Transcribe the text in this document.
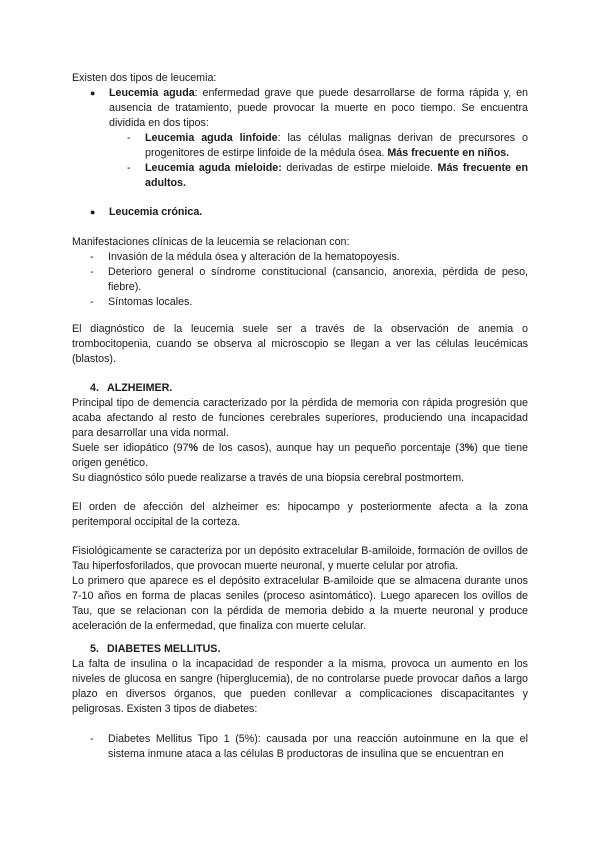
Existen dos tipos de leucemia:

● Leucemia aguda: enfermedad grave que puede desarrollarse de forma rápida y, en ausencia de tratamiento, puede provocar la muerte en poco tiempo. Se encuentra dividida en dos tipos:
- Leucemia aguda linfoide: las células malignas derivan de precursores o progenitores de estirpe linfoide de la médula ósea. Más frecuente en niños.
- Leucemia aguda mieloide: derivadas de estirpe mieloide. Más frecuente en adultos.
● Leucemia crónica.

Manifestaciones clínicas de la leucemia se relacionan con:

- Invasión de la médula ósea y alteración de la hematopoyesis.
- Deterioro general o síndrome constitucional (cansancio, anorexia, pérdida de peso, fiebre).
- Síntomas locales.

El diagnóstico de la leucemia suele ser a través de la observación de anemia o trombocitopenia, cuando se observa al microscopio se llegan a ver las células leucémicas (blastos).

4. ALZHEIMER.

Principal tipo de demencia caracterizado por la pérdida de memoria con rápida progresión que acaba afectando al resto de funciones cerebrales superiores, produciendo una incapacidad para desarrollar una vida normal.

Suele ser idiopático (97% de los casos), aunque hay un pequeño porcentaje (3%) que tiene origen genético.

Su diagnóstico sólo puede realizarse a través de una biopsia cerebral postmortem.

El orden de afección del alzheimer es: hipocampo y posteriormente afecta a la zona peritemporal occipital de la corteza.

Fisiológicamente se caracteriza por un depósito extracelular B-amiloide, formación de ovillos de Tau hiperfosforilados, que provocan muerte neuronal, y muerte celular por atrofia.

Lo primero que aparece es el depósito extracelular B-amiloide que se almacena durante unos 7-10 años en forma de placas seniles (proceso asintomático). Luego aparecen los ovillos de Tau, que se relacionan con la pérdida de memoria debido a la muerte neuronal y produce aceleración de la enfermedad, que finaliza con muerte celular.

5. DIABETES MELLITUS.

La falta de insulina o la incapacidad de responder a la misma, provoca un aumento en los niveles de glucosa en sangre (hiperglucemia), de no controlarse puede provocar daños a largo plazo en diversos órganos, que pueden conllevar a complicaciones discapacitantes y peligrosas. Existen 3 tipos de diabetes:

- Diabetes Mellitus Tipo 1 (5%): causada por una reacción autoinmune en la que el sistema inmune ataca a las células B productoras de insulina que se encuentran en
